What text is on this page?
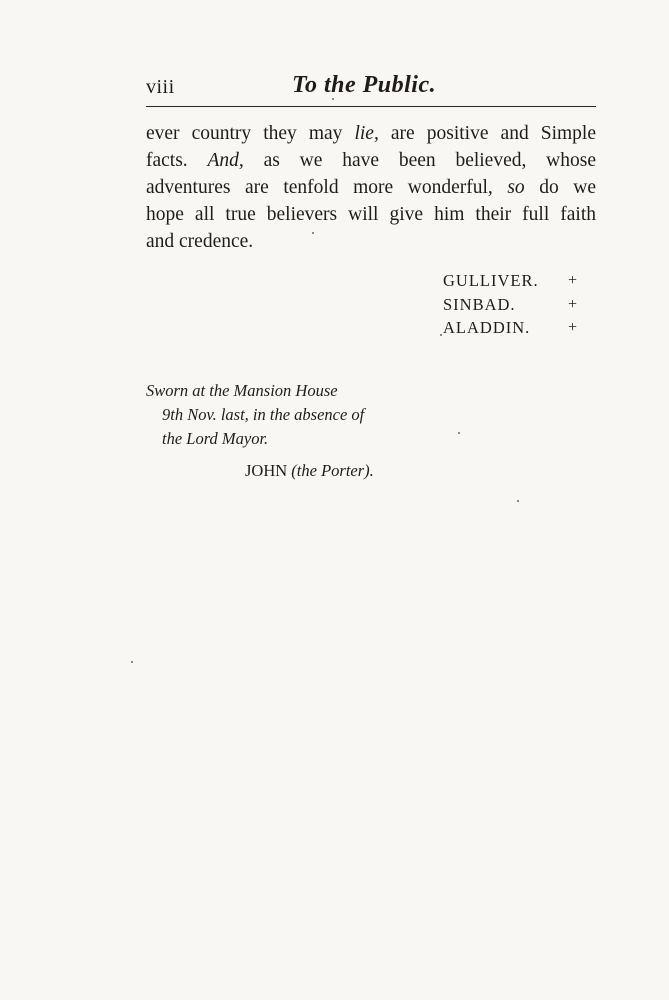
viii	To the Public.
ever country they may lie, are positive and Simple
facts. And, as we have been believed, whose
adventures are tenfold more wonderful, so do we
hope all true believers will give him their full faith
and credence.
GULLIVER. +
SINBAD.	+
ALADDIN. +
Sworn at the Mansion House
9th Nov. last, in the absence of
the Lord Mayor.
JOHN (the Porter).
